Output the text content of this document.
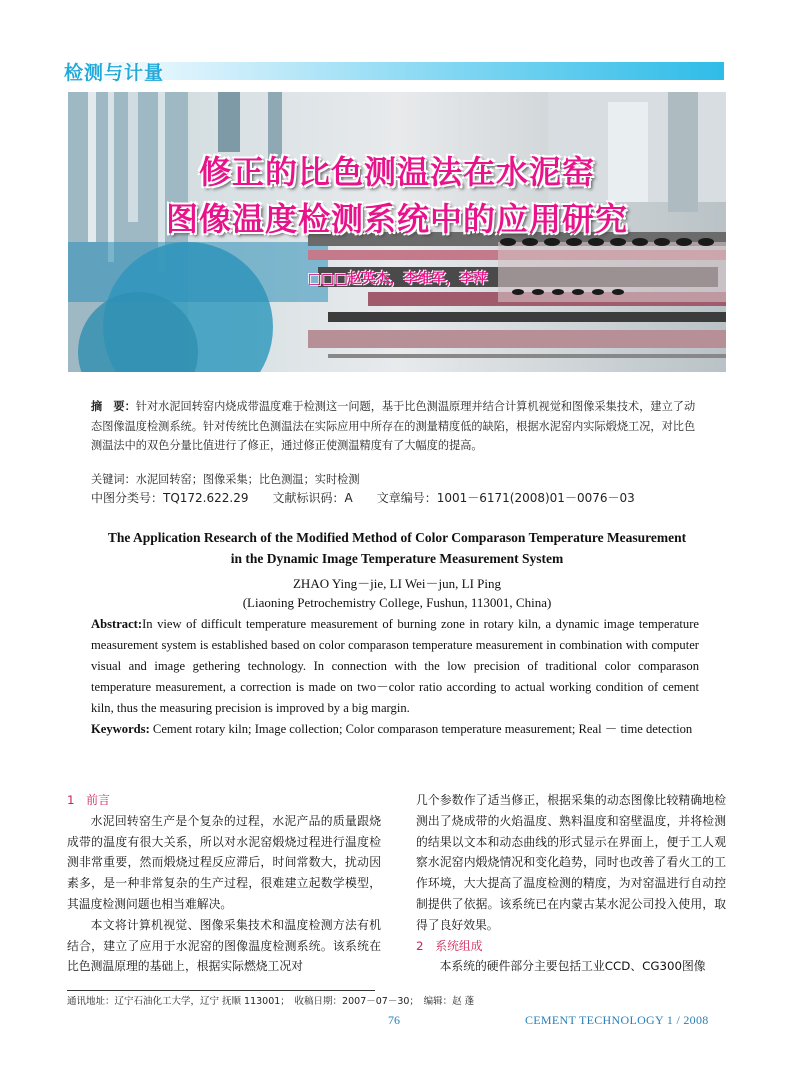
检测与计量
修正的比色测温法在水泥窑
图像温度检测系统中的应用研究
□□□赵英杰，李维军，李萍
摘　要：针对水泥回转窑内烧成带温度难于检测这一问题，基于比色测温原理并结合计算机视觉和图像采集技术，建立了动态图像温度检测系统。针对传统比色测温法在实际应用中所存在的测量精度低的缺陷，根据水泥窑内实际煅烧工况，对比色测温法中的双色分量比值进行了修正，通过修正使测温精度有了大幅度的提高。
关键词：水泥回转窑；图像采集；比色测温；实时检测
中图分类号：TQ172.622.29　　文献标识码：A　　文章编号：1001－6171(2008)01－0076－03
The Application Research of the Modified Method of Color Comparason Temperature Measurement
in the Dynamic Image Temperature Measurement System
ZHAO Ying－jie, LI Wei－jun, LI Ping
(Liaoning Petrochemistry College, Fushun, 113001, China)
Abstract:In view of difficult temperature measurement of burning zone in rotary kiln, a dynamic image temperature measurement system is established based on color comparason temperature measurement in combination with computer visual and image gethering technology. In connection with the low precision of traditional color comparason temperature measurement, a correction is made on two－color ratio according to actual working condition of cement kiln, thus the measuring precision is improved by a big margin.
Keywords: Cement rotary kiln; Image collection; Color comparason temperature measurement; Real － time detection
1　前言

水泥回转窑生产是个复杂的过程，水泥产品的质量跟烧成带的温度有很大关系，所以对水泥窑煅烧过程进行温度检测非常重要，然而煅烧过程反应滞后，时间常数大，扰动因素多，是一种非常复杂的生产过程，很难建立起数学模型，其温度检测问题也相当难解决。

本文将计算机视觉、图像采集技术和温度检测方法有机结合，建立了应用于水泥窑的图像温度检测系统。该系统在比色测温原理的基础上，根据实际燃烧工况对

几个参数作了适当修正，根据采集的动态图像比较精确地检测出了烧成带的火焰温度、熟料温度和窑壁温度，并将检测的结果以文本和动态曲线的形式显示在界面上，便于工人观察水泥窑内煅烧情况和变化趋势，同时也改善了看火工的工作环境，大大提高了温度检测的精度，为对窑温进行自动控制提供了依据。该系统已在内蒙古某水泥公司投入使用，取得了良好效果。

2　系统组成

本系统的硬件部分主要包括工业CCD、CG300图像

通讯地址：辽宁石油化工大学，辽宁 抚顺 113001；　收稿日期：2007－07－30；　编辑：赵 蓬
76	CEMENT TECHNOLOGY 1 / 2008
